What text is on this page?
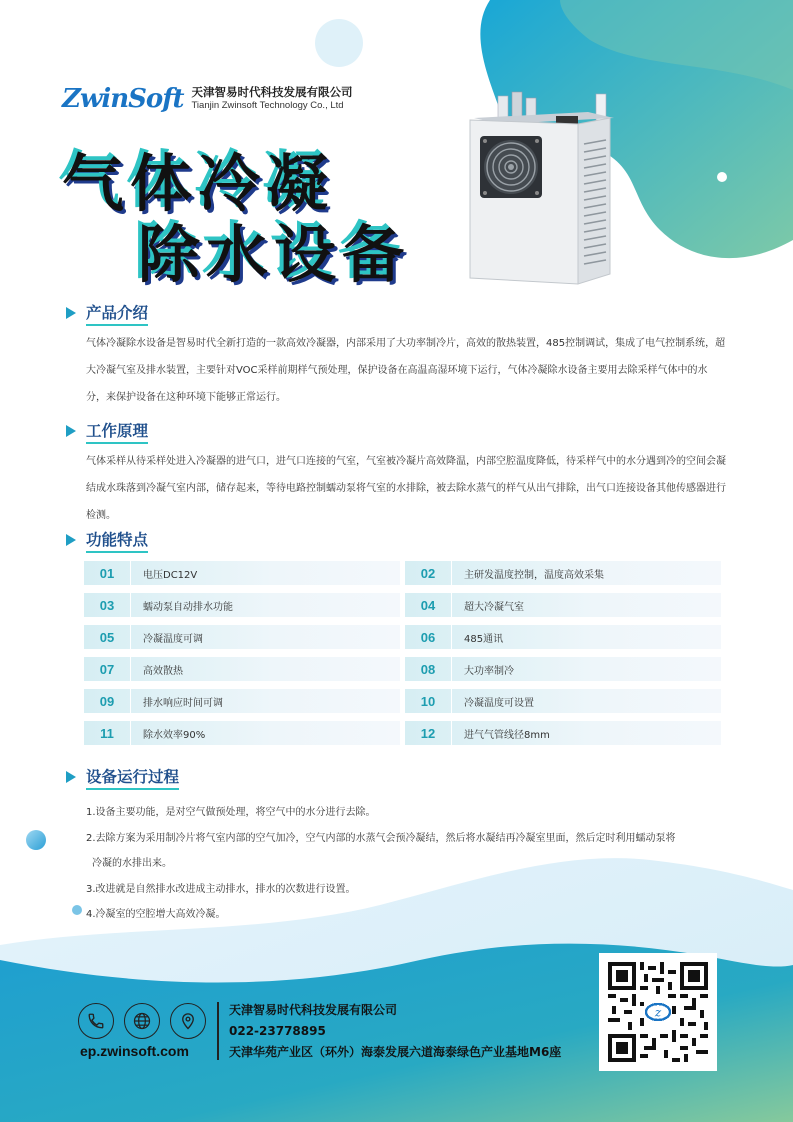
ZwinSoft 天津智易时代科技发展有限公司
Tianjin Zwinsoft Technology Co., Ltd
气体冷凝
除水设备
产品介绍
气体冷凝除水设备是智易时代全新打造的一款高效冷凝器，内部采用了大功率制冷片，高效的散热装置，485控制调试，集成了电气控制系统，超大冷凝气室及排水装置，主要针对VOC采样前期样气预处理，保护设备在高温高湿环境下运行，气体冷凝除水设备主要用去除采样气体中的水分，来保护设备在这种环境下能够正常运行。
工作原理
气体采样从待采样处进入冷凝器的进气口，进气口连接的气室，气室被冷凝片高效降温，内部空腔温度降低，待采样气中的水分遇到冷的空间会凝结成水珠落到冷凝气室内部，储存起来，等待电路控制蠕动泵将气室的水排除，被去除水蒸气的样气从出气排除，出气口连接设备其他传感器进行检测。
功能特点
01	电压DC12V	02	主研发温度控制，温度高效采集
03	蠕动泵自动排水功能	04	超大冷凝气室
05	冷凝温度可调	06	485通讯
07	高效散热	08	大功率制冷
09	排水响应时间可调	10	冷凝温度可设置
11	除水效率90%	12	进气气管线径8mm
设备运行过程
1.设备主要功能，是对空气做预处理，将空气中的水分进行去除。
2.去除方案为采用制冷片将气室内部的空气加冷，空气内部的水蒸气会预冷凝结，然后将水凝结再冷凝室里面，然后定时利用蠕动泵将
冷凝的水排出来。
3.改进就是自然排水改进成主动排水，排水的次数进行设置。
4.冷凝室的空腔增大高效冷凝。
ep.zwinsoft.com
天津智易时代科技发展有限公司
022-23778895
天津华苑产业区（环外）海泰发展六道海泰绿色产业基地M6座
z
